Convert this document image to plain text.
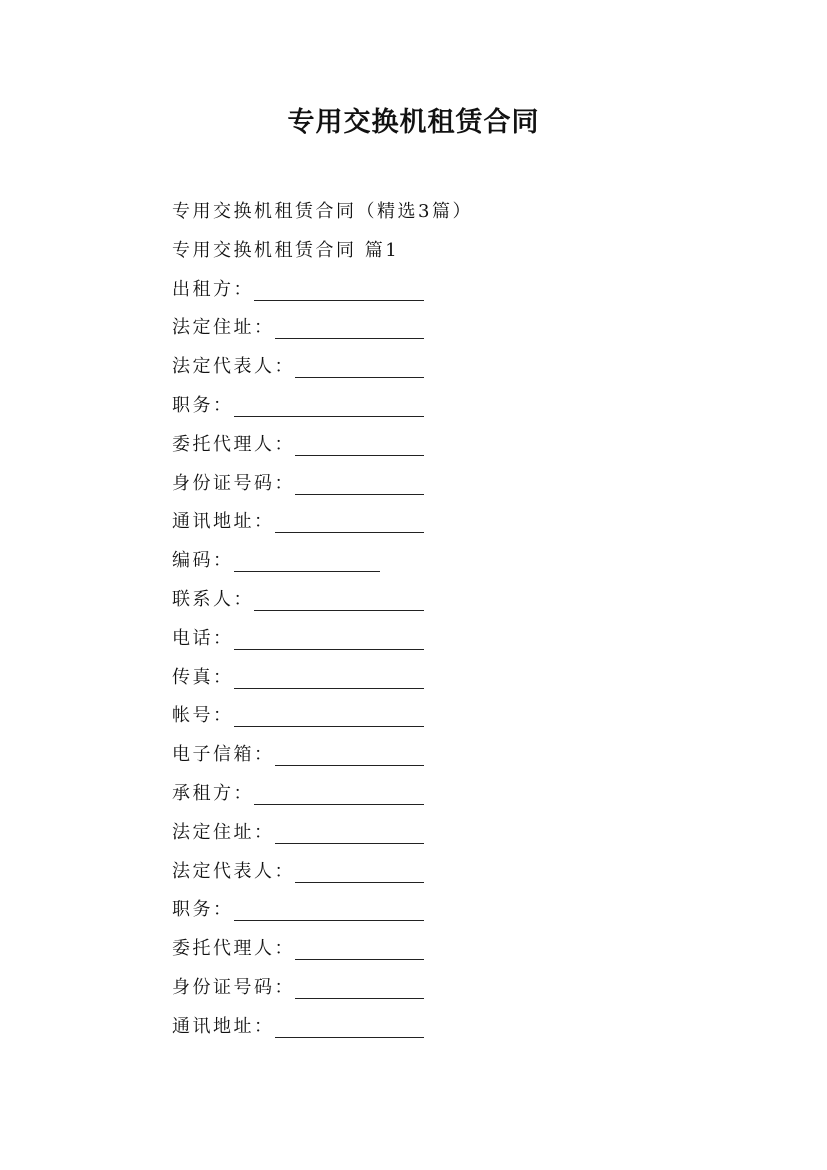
专用交换机租赁合同
专用交换机租赁合同（精选3篇）
专用交换机租赁合同 篇1
出租方：
法定住址：
法定代表人：
职务：
委托代理人：
身份证号码：
通讯地址：
编码：
联系人：
电话：
传真：
帐号：
电子信箱：
承租方：
法定住址：
法定代表人：
职务：
委托代理人：
身份证号码：
通讯地址：
